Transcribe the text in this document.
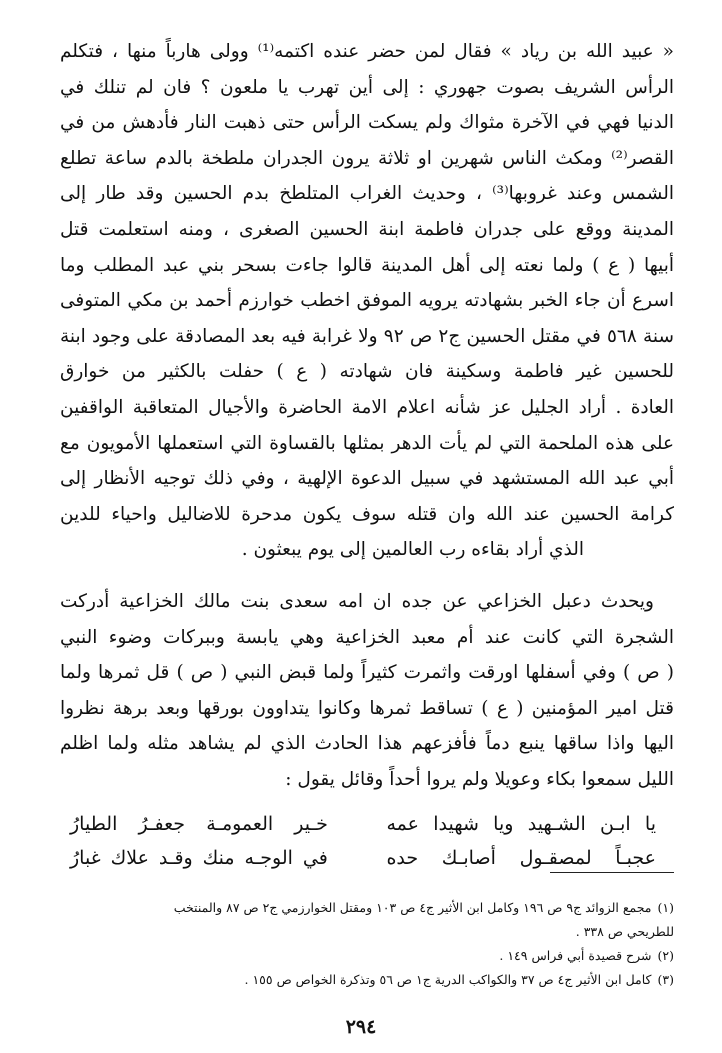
« عبيد الله بن رياد » فقال لمن حضر عنده اكتمه⁽¹⁾ وولى هارباً منها ، فتكلم
الرأس الشريف بصوت جهوري : إلى أين تهرب يا ملعون ؟ فان لم تنلك في
الدنيا فهي في الآخرة مثواك ولم يسكت الرأس حتى ذهبت النار فأدهش من في
القصر⁽²⁾ ومكث الناس شهرين او ثلاثة يرون الجدران ملطخة بالدم ساعة تطلع
الشمس وعند غروبها⁽³⁾ ، وحديث الغراب المتلطخ بدم الحسين وقد طار إلى
المدينة ووقع على جدران فاطمة ابنة الحسين الصغرى ، ومنه استعلمت قتل
أبيها ( ع ) ولما نعته إلى أهل المدينة قالوا جاءت بسحر بني عبد المطلب وما
اسرع أن جاء الخبر بشهادته يرويه الموفق اخطب خوارزم أحمد بن مكي المتوفى
سنة ٥٦٨ في مقتل الحسين ج٢ ص ٩٢ ولا غرابة فيه بعد المصادقة على وجود ابنة
للحسين غير فاطمة وسكينة فان شهادته ( ع ) حفلت بالكثير من خوارق
العادة . أراد الجليل عز شأنه اعلام الامة الحاضرة والأجيال المتعاقبة الواقفين
على هذه الملحمة التي لم يأت الدهر بمثلها بالقساوة التي استعملها الأمويون مع
أبي عبد الله المستشهد في سبيل الدعوة الإلهية ، وفي ذلك توجيه الأنظار إلى
كرامة الحسين عند الله وان قتله سوف يكون مدحرة للاضاليل واحياء للدين
الذي أراد بقاءه رب العالمين إلى يوم يبعثون .
ويحدث دعبل الخزاعي عن جده ان امه سعدى بنت مالك الخزاعية أدركت
الشجرة التي كانت عند أم معبد الخزاعية وهي يابسة وببركات وضوء النبي
( ص ) وفي أسفلها اورقت واثمرت كثيراً ولما قبض النبي ( ص ) قل ثمرها ولما
قتل امير المؤمنين ( ع ) تساقط ثمرها وكانوا يتداوون بورقها وبعد برهة نظروا
اليها واذا ساقها ينبع دماً فأفزعهم هذا الحادث الذي لم يشاهد مثله ولما اظلم
الليل سمعوا بكاء وعويلا ولم يروا أحداً وقائل يقول :
يا ابـن الشـهيد ويا شهيدا عمه
خـير العمومـة جعفـرُ الطيارُ
عجبـاً لمصقـول أصابـك حده
في الوجـه منك وقـد علاك غبارُ
(١)مجمع الزوائد ج٩ ص ١٩٦ وكامل ابن الأثير ج٤ ص ١٠٣ ومقتل الخوارزمي ج٢ ص ٨٧ والمنتخب
للطريحي ص ٣٣٨ .
(٢)شرح قصيدة أبي فراس ١٤٩ .
(٣)كامل ابن الأثير ج٤ ص ٣٧ والكواكب الدرية ج١ ص ٥٦ وتذكرة الخواص ص ١٥٥ .
٢٩٤
